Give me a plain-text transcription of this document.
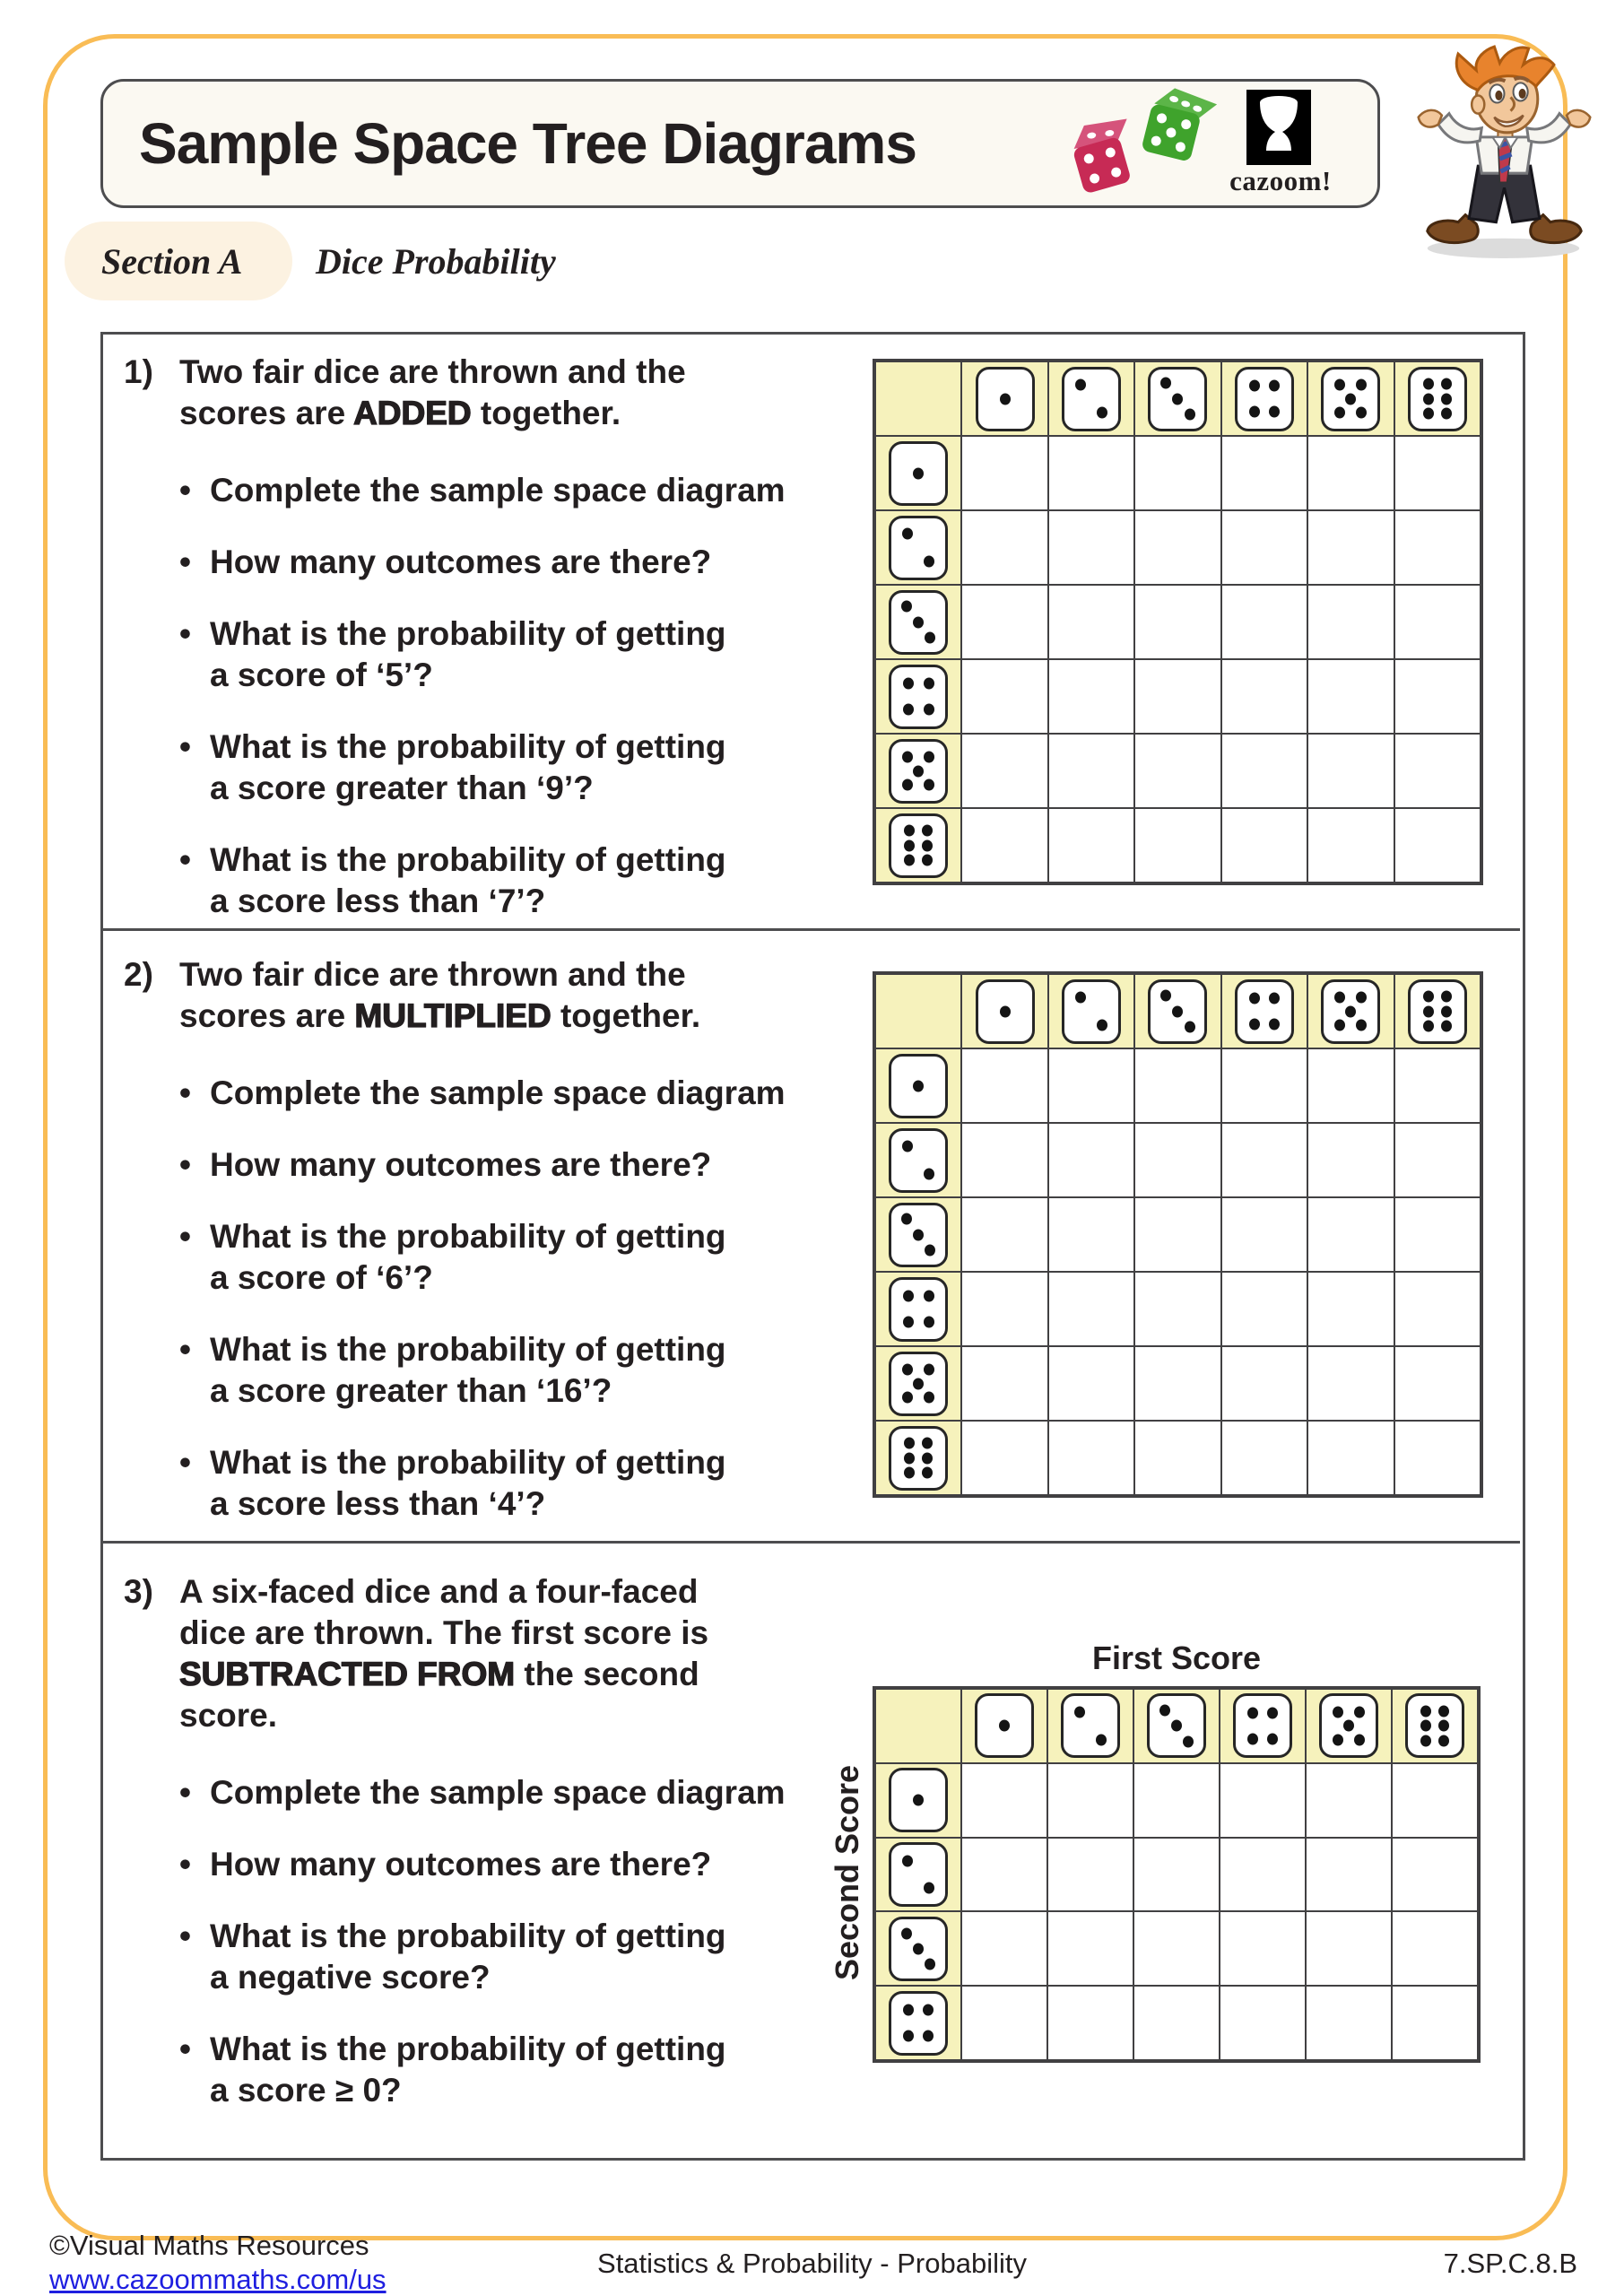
Sample Space Tree Diagrams
cazoom!
Section A Dice Probability
1) Two fair dice are thrown and the
scores are ADDED together.
• Complete the sample space diagram
• How many outcomes are there?
• What is the probability of getting
a score of ‘5’?
• What is the probability of getting
a score greater than ‘9’?
• What is the probability of getting
a score less than ‘7’?
2) Two fair dice are thrown and the
scores are MULTIPLIED together.
• Complete the sample space diagram
• How many outcomes are there?
• What is the probability of getting
a score of ‘6’?
• What is the probability of getting
a score greater than ‘16’?
• What is the probability of getting
a score less than ‘4’?
3) A six-faced dice and a four-faced
dice are thrown. The first score is
SUBTRACTED FROM the second
score.
• Complete the sample space diagram
• How many outcomes are there?
• What is the probability of getting
a negative score?
• What is the probability of getting
a score ≥ 0?
First Score
Second Score
©Visual Maths Resources
www.cazoommaths.com/us
Statistics & Probability - Probability	7.SP.C.8.B
